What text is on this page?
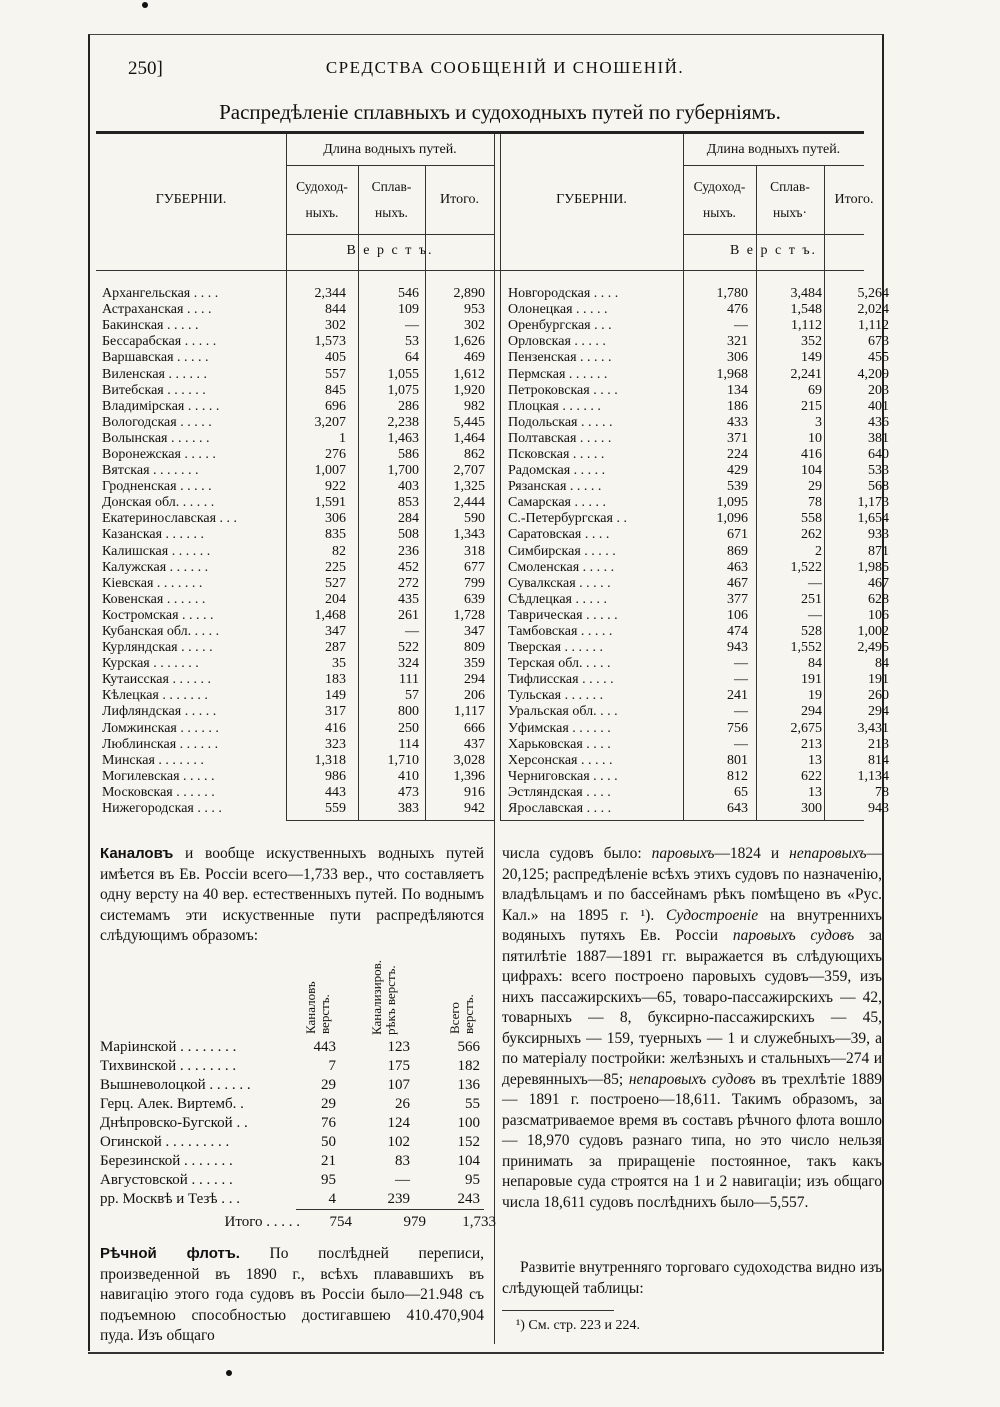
250]	СРЕДСТВА СООБЩЕНІЙ И СНОШЕНІЙ.
Распредѣленіе сплавныхъ и судоходныхъ путей по губерніямъ.
ГУБЕРНІИ.
Длина водныхъ путей.
Судоход-
ныхъ.
Сплав-
ныхъ.
Итого.
В е р с т ъ.
ГУБЕРНІИ.
Длина водныхъ путей.
Судоход-
ныхъ.
Сплав-
ныхъ·
Итого.
В е р с т ъ.
Архангельская . . . .	2,344	546	2,890
Астраханская . . . .	844	109	953
Бакинская . . . . .	302	—	302
Бессарабская . . . . .	1,573	53	1,626
Варшавская . . . . .	405	64	469
Виленская . . . . . .	557	1,055	1,612
Витебская . . . . . .	845	1,075	1,920
Владимірская . . . . .	696	286	982
Вологодская . . . . .	3,207	2,238	5,445
Волынская . . . . . .	1	1,463	1,464
Воронежская . . . . .	276	586	862
Вятская . . . . . . .	1,007	1,700	2,707
Гродненская . . . . .	922	403	1,325
Донская обл. . . . . .	1,591	853	2,444
Екатеринославская . . .	306	284	590
Казанская . . . . . .	835	508	1,343
Калишская . . . . . .	82	236	318
Калужская . . . . . .	225	452	677
Кіевская . . . . . . .	527	272	799
Ковенская . . . . . .	204	435	639
Костромская . . . . .	1,468	261	1,728
Кубанская обл. . . . .	347	—	347
Курляндская . . . . .	287	522	809
Курская . . . . . . .	35	324	359
Кутаисская . . . . . .	183	111	294
Кѣлецкая . . . . . . .	149	57	206
Лифляндская . . . . .	317	800	1,117
Ломжинская . . . . . .	416	250	666
Люблинская . . . . . .	323	114	437
Минская . . . . . . .	1,318	1,710	3,028
Могилевская . . . . .	986	410	1,396
Московская . . . . . .	443	473	916
Нижегородская . . . .	559	383	942
Новгородская . . . .	1,780	3,484	5,264
Олонецкая . . . . .	476	1,548	2,024
Оренбургская . . .	—	1,112	1,112
Орловская . . . . .	321	352	673
Пензенская . . . . .	306	149	455
Пермская . . . . . .	1,968	2,241	4,209
Петроковская . . . .	134	69	203
Плоцкая . . . . . .	186	215	401
Подольская . . . . .	433	3	436
Полтавская . . . . .	371	10	381
Псковская . . . . .	224	416	640
Радомская . . . . .	429	104	533
Рязанская . . . . .	539	29	568
Самарская . . . . .	1,095	78	1,173
С.-Петербургская . .	1,096	558	1,654
Саратовская . . . .	671	262	933
Симбирская . . . . .	869	2	871
Смоленская . . . . .	463	1,522	1,985
Сувалкская . . . . .	467	—	467
Сѣдлецкая . . . . .	377	251	628
Таврическая . . . . .	106	—	106
Тамбовская . . . . .	474	528	1,002
Тверская . . . . . .	943	1,552	2,495
Терская обл. . . . .	—	84	84
Тифлисская . . . . .	—	191	191
Тульская . . . . . .	241	19	260
Уральская обл. . . .	—	294	294
Уфимская . . . . . .	756	2,675	3,431
Харьковская . . . .	—	213	213
Херсонская . . . . .	801	13	814
Черниговская . . . .	812	622	1,134
Эстляндская . . . .	65	13	78
Ярославская . . . .	643	300	943
Каналовъ и вообще искуственныхъ водныхъ путей имѣется въ Ев. Россіи всего—1,733 вер., что составляетъ одну версту на 40 вер. естественныхъ путей. По воднымъ системамъ эти искуственные пути распредѣляются слѣдующимъ образомъ:
Каналовъ верстъ.	Канализиров. рѣкъ верстъ.	Всего верстъ.
Маріинской . . . . . . . .	443	123	566
Тихвинской . . . . . . . .	7	175	182
Вышневолоцкой . . . . . .	29	107	136
Герц. Алек. Виртемб. .	29	26	55
Днѣпровско-Бугской . .	76	124	100
Огинской . . . . . . . . .	50	102	152
Березинской . . . . . . .	21	83	104
Августовской . . . . . .	95	—	95
рр. Москвѣ и Тезѣ . . .	4	239	243
Итого . . . . .	754	979	1,733
Рѣчной флотъ. По послѣдней переписи, произведенной въ 1890 г., всѣхъ плававшихъ въ навигацію этого года судовъ въ Россіи было—21.948 съ подъемною способностью достигавшею 410.470,904 пуда. Изъ общаго
числа судовъ было: паровыхъ—1824 и непаровыхъ—20,125; распредѣленіе всѣхъ этихъ судовъ по назначенію, владѣльцамъ и по бассейнамъ рѣкъ помѣщено въ «Рус. Кал.» на 1895 г. ¹). Судостроеніе на внутреннихъ водяныхъ путяхъ Ев. Россіи паровыхъ судовъ за пятилѣтіе 1887—1891 гг. выражается въ слѣдующихъ цифрахъ: всего построено паровыхъ судовъ—359, изъ нихъ пассажирскихъ—65, товаро-пассажирскихъ — 42, товарныхъ — 8, буксирно-пассажирскихъ — 45, буксирныхъ — 159, туерныхъ — 1 и служебныхъ—39, а по матеріалу постройки: желѣзныхъ и стальныхъ—274 и деревянныхъ—85; непаровыхъ судовъ въ трехлѣтіе 1889 — 1891 г. построено—18,611. Такимъ образомъ, за разсматриваемое время въ составъ рѣчного флота вошло — 18,970 судовъ разнаго типа, но это число нельзя принимать за приращеніе постоянное, такъ какъ непаровые суда строятся на 1 и 2 навигаціи; изъ общаго числа 18,611 судовъ послѣднихъ было—5,557.
Развитіе внутренняго торговаго судоходства видно изъ слѣдующей таблицы:
¹) См. стр. 223 и 224.
